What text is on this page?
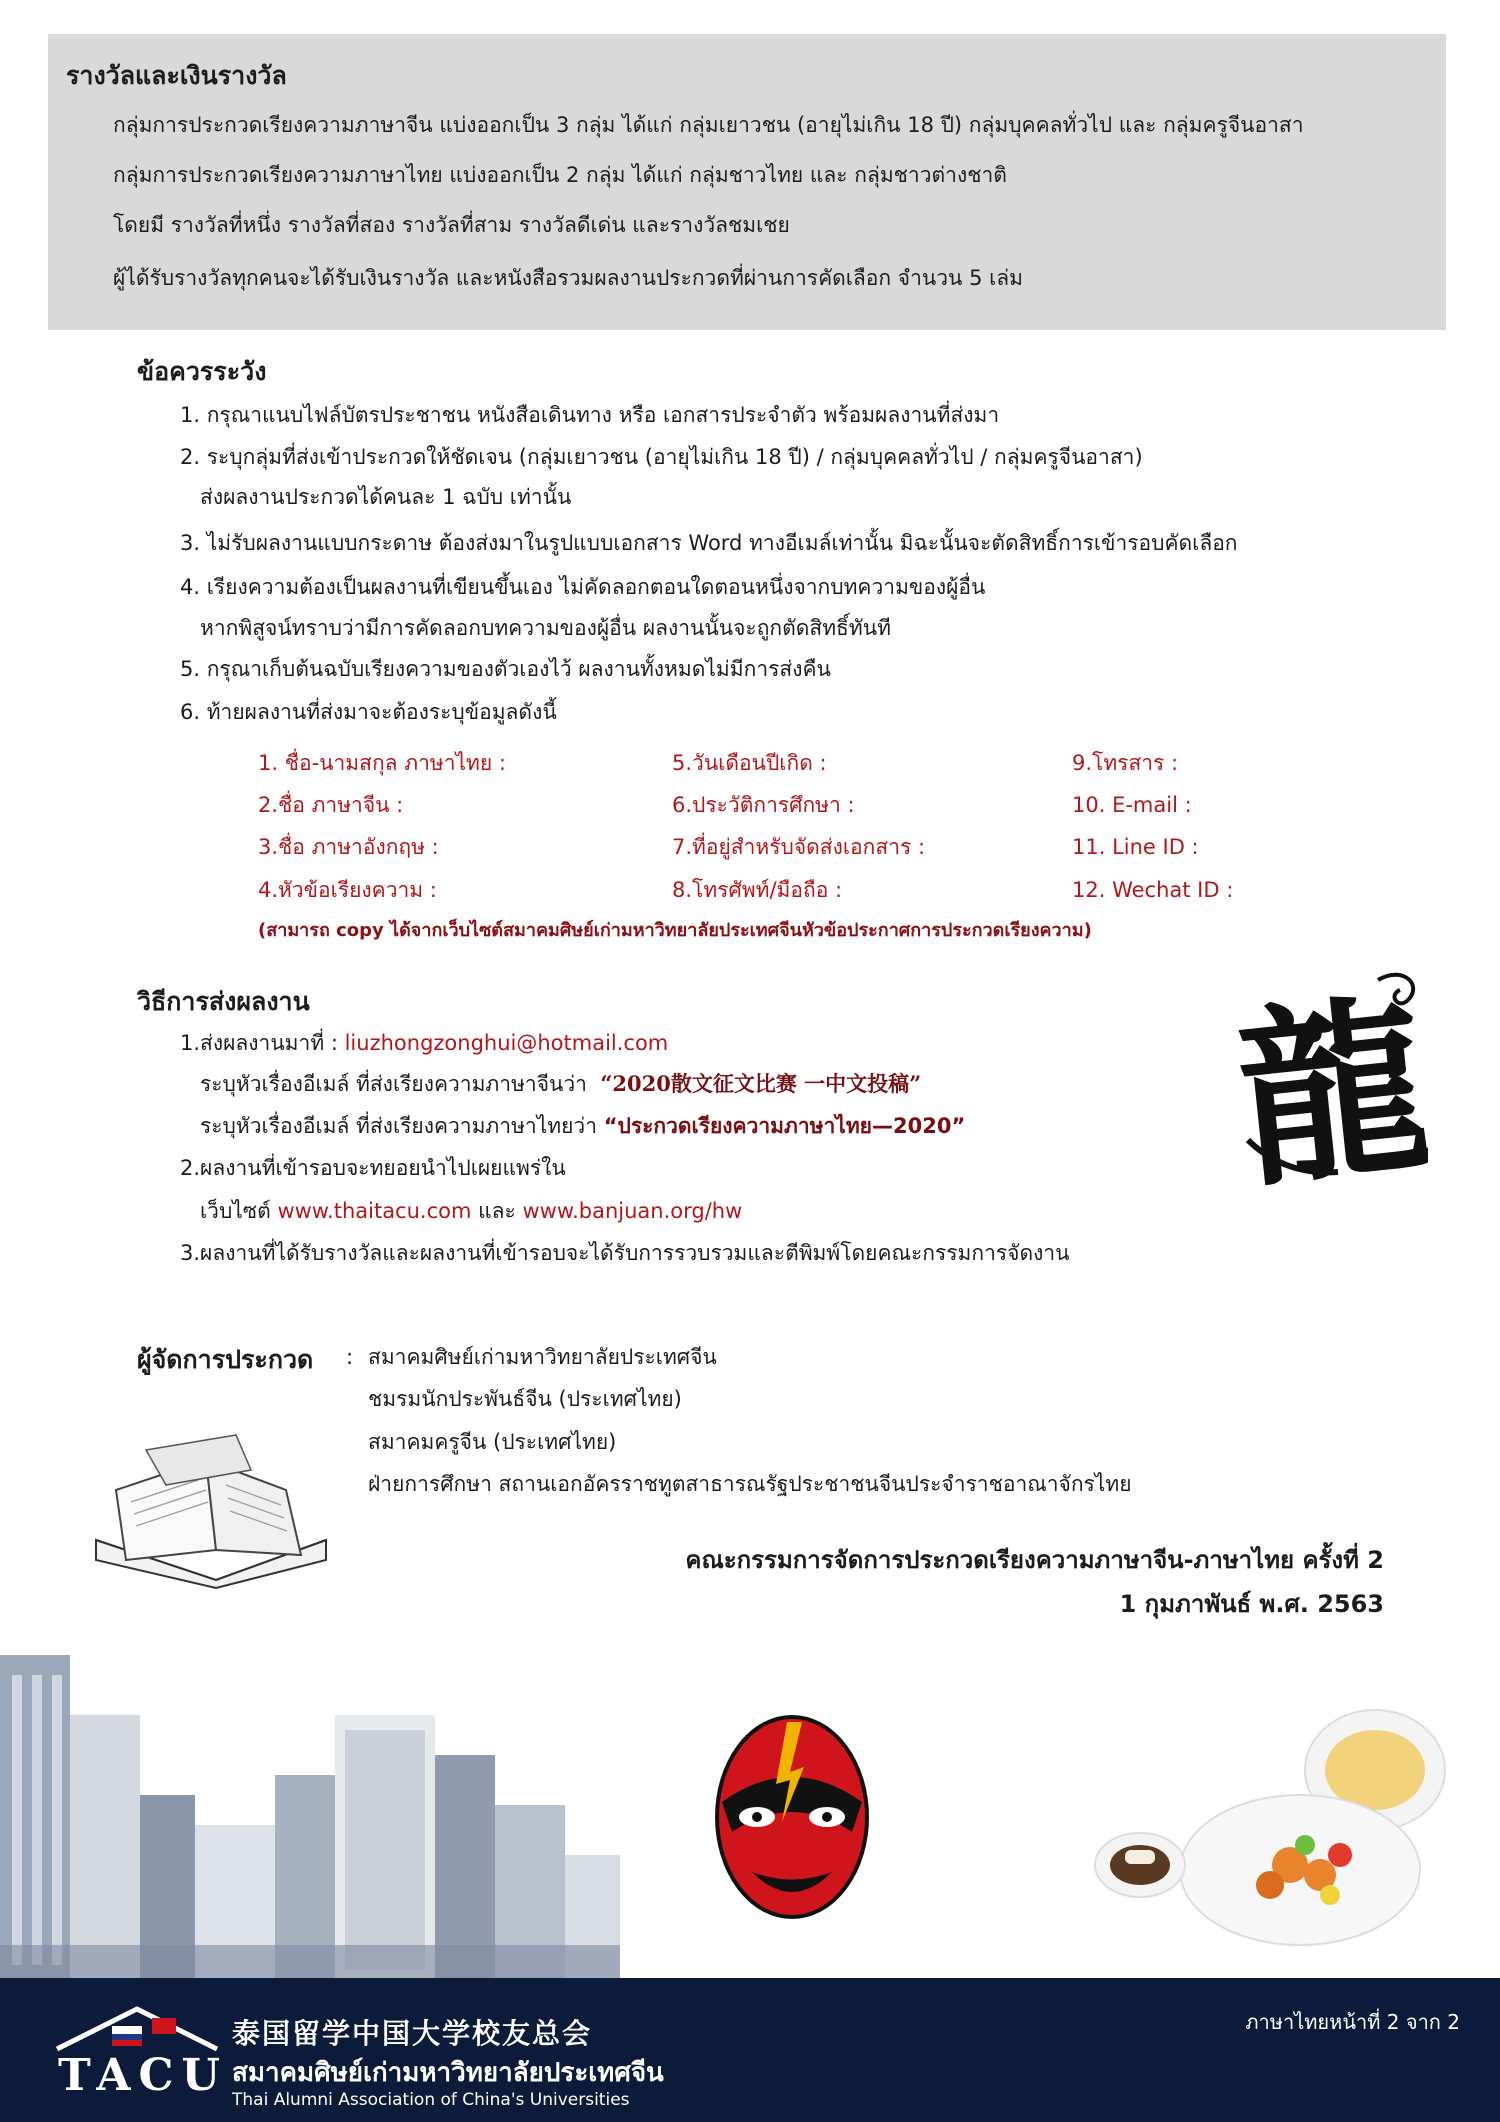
รางวัลและเงินรางวัล
กลุ่มการประกวดเรียงความภาษาจีน แบ่งออกเป็น 3 กลุ่ม ได้แก่ กลุ่มเยาวชน (อายุไม่เกิน 18 ปี) กลุ่มบุคคลทั่วไป และ กลุ่มครูจีนอาสา
กลุ่มการประกวดเรียงความภาษาไทย แบ่งออกเป็น 2 กลุ่ม ได้แก่ กลุ่มชาวไทย และ กลุ่มชาวต่างชาติ
โดยมี รางวัลที่หนึ่ง รางวัลที่สอง รางวัลที่สาม รางวัลดีเด่น และรางวัลชมเชย
ผู้ได้รับรางวัลทุกคนจะได้รับเงินรางวัล และหนังสือรวมผลงานประกวดที่ผ่านการคัดเลือก จำนวน 5 เล่ม
ข้อควรระวัง
1. กรุณาแนบไฟล์บัตรประชาชน หนังสือเดินทาง หรือ เอกสารประจำตัว พร้อมผลงานที่ส่งมา
2. ระบุกลุ่มที่ส่งเข้าประกวดให้ชัดเจน (กลุ่มเยาวชน (อายุไม่เกิน 18 ปี) / กลุ่มบุคคลทั่วไป / กลุ่มครูจีนอาสา)
ส่งผลงานประกวดได้คนละ 1 ฉบับ เท่านั้น
3. ไม่รับผลงานแบบกระดาษ ต้องส่งมาในรูปแบบเอกสาร Word ทางอีเมล์เท่านั้น มิฉะนั้นจะตัดสิทธิ์การเข้ารอบคัดเลือก
4. เรียงความต้องเป็นผลงานที่เขียนขึ้นเอง ไม่คัดลอกตอนใดตอนหนึ่งจากบทความของผู้อื่น
หากพิสูจน์ทราบว่ามีการคัดลอกบทความของผู้อื่น ผลงานนั้นจะถูกตัดสิทธิ์ทันที
5. กรุณาเก็บต้นฉบับเรียงความของตัวเองไว้ ผลงานทั้งหมดไม่มีการส่งคืน
6. ท้ายผลงานที่ส่งมาจะต้องระบุข้อมูลดังนี้
1. ชื่อ-นามสกุล ภาษาไทย :
2.ชื่อ ภาษาจีน :
3.ชื่อ ภาษาอังกฤษ :
4.หัวข้อเรียงความ :
5.วันเดือนปีเกิด :
6.ประวัติการศึกษา :
7.ที่อยู่สำหรับจัดส่งเอกสาร :
8.โทรศัพท์/มือถือ :
9.โทรสาร :
10. E-mail :
11. Line ID :
12. Wechat ID :
(สามารถ copy ได้จากเว็บไซต์สมาคมศิษย์เก่ามหาวิทยาลัยประเทศจีนหัวข้อประกาศการประกวดเรียงความ)
วิธีการส่งผลงาน
1.ส่งผลงานมาที่ : liuzhongzonghui@hotmail.com
ระบุหัวเรื่องอีเมล์ ที่ส่งเรียงความภาษาจีนว่า “2020散文征文比赛 一中文投稿”
ระบุหัวเรื่องอีเมล์ ที่ส่งเรียงความภาษาไทยว่า “ประกวดเรียงความภาษาไทย—2020”
2.ผลงานที่เข้ารอบจะทยอยนำไปเผยแพร่ใน
เว็บไซต์ www.thaitacu.com และ www.banjuan.org/hw
3.ผลงานที่ได้รับรางวัลและผลงานที่เข้ารอบจะได้รับการรวบรวมและตีพิมพ์โดยคณะกรรมการจัดงาน
龍
ผู้จัดการประกวด : สมาคมศิษย์เก่ามหาวิทยาลัยประเทศจีน
ชมรมนักประพันธ์จีน (ประเทศไทย)
สมาคมครูจีน (ประเทศไทย)
ฝ่ายการศึกษา สถานเอกอัครราชทูตสาธารณรัฐประชาชนจีนประจำราชอาณาจักรไทย
คณะกรรมการจัดการประกวดเรียงความภาษาจีน-ภาษาไทย ครั้งที่ 2
1 กุมภาพันธ์ พ.ศ. 2563
ภาษาไทยหน้าที่ 2 จาก 2
TACU
泰国留学中国大学校友总会
สมาคมศิษย์เก่ามหาวิทยาลัยประเทศจีน
Thai Alumni Association of China's Universities
